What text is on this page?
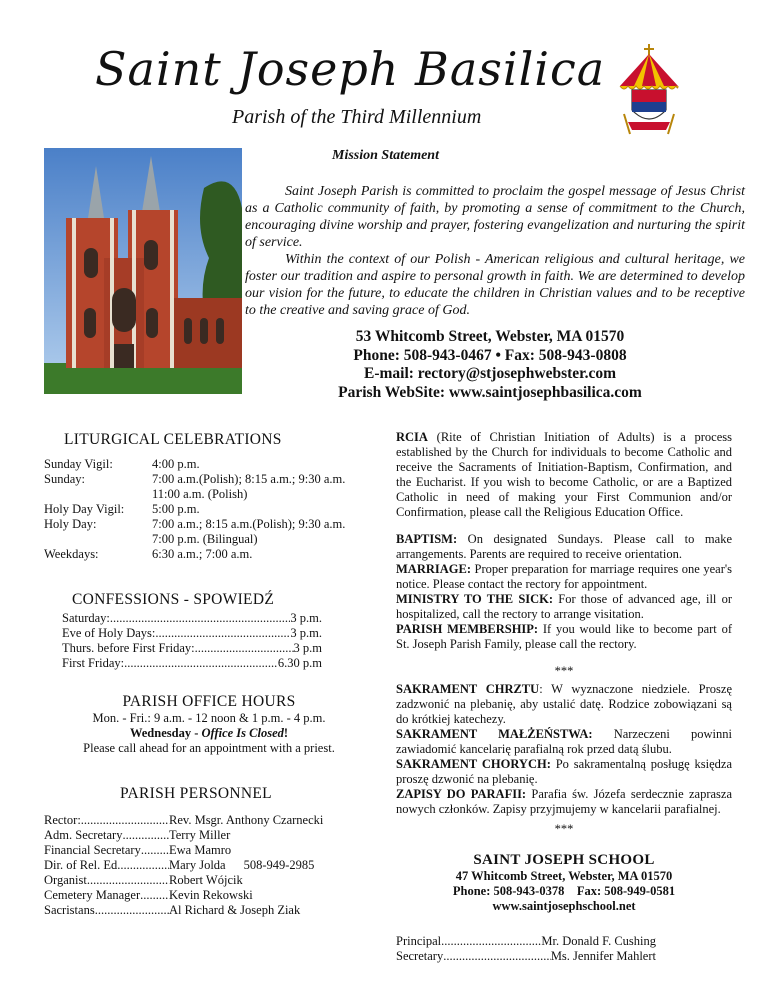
Saint Joseph Basilica
Parish of the Third Millennium
Mission Statement

Saint Joseph Parish is committed to proclaim the gospel message of Jesus Christ as a Catholic community of faith, by promoting a sense of commitment to the Church, encouraging divine worship and prayer, fostering evangelization and nurturing the spirit of service.

Within the context of our Polish - American religious and cultural heritage, we foster our tradition and aspire to personal growth in faith. We are determined to develop our vision for the future, to educate the children in Christian values and to be receptive to the creative and saving grace of God.

53 Whitcomb Street, Webster, MA 01570
Phone: 508-943-0467 • Fax: 508-943-0808
E-mail: rectory@stjosephwebster.com
Parish WebSite: www.saintjosephbasilica.com
LITURGICAL CELEBRATIONS
Sunday Vigil:	4:00 p.m.
Sunday:	7:00 a.m.(Polish); 8:15 a.m.; 9:30 a.m.
11:00 a.m. (Polish)
Holy Day Vigil:	5:00 p.m.
Holy Day:	7:00 a.m.; 8:15 a.m.(Polish); 9:30 a.m.
7:00 p.m. (Bilingual)
Weekdays:	6:30 a.m.; 7:00 a.m.
CONFESSIONS - SPOWIEDŹ
Saturday: .....	3 p.m.
Eve of Holy Days: .....	3 p.m.
Thurs. before First Friday: .....	3 p.m
First Friday: .....	6.30 p.m
PARISH OFFICE HOURS
Mon. - Fri.: 9 a.m. - 12 noon & 1 p.m. - 4 p.m.
Wednesday - Office Is Closed!
Please call ahead for an appointment with a priest.
PARISH PERSONNEL
Rector: .....	Rev. Msgr. Anthony Czarnecki
Adm. Secretary .....	Terry Miller
Financial Secretary ..... Ewa Mamro
Dir. of Rel. Ed. .....	Mary Jolda 508-949-2985
Organist .....	Robert Wójcik
Cemetery Manager ..... Kevin Rekowski
Sacristans .....	Al Richard & Joseph Ziak

RCIA (Rite of Christian Initiation of Adults) is a process established by the Church for individuals to become Catholic and receive the Sacraments of Initiation-Baptism, Confirmation, and the Eucharist. If you wish to become Catholic, or are a Baptized Catholic in need of making your First Communion and/or Confirmation, please call the Religious Education Office.

BAPTISM: On designated Sundays. Please call to make arrangements. Parents are required to receive orientation.

MARRIAGE: Proper preparation for marriage requires one year's notice. Please contact the rectory for appointment.

MINISTRY TO THE SICK: For those of advanced age, ill or hospitalized, call the rectory to arrange visitation.

PARISH MEMBERSHIP: If you would like to become part of St. Joseph Parish Family, please call the rectory.

***

SAKRAMENT CHRZTU: W wyznaczone niedziele. Proszę zadzwonić na plebanię, aby ustalić datę. Rodzice zobowiązani są do krótkiej katechezy.

SAKRAMENT MAŁŻEŃSTWA: Narzeczeni powinni zawiadomić kancelarię parafialną rok przed datą ślubu.

SAKRAMENT CHORYCH: Po sakramentalną posługę księdza proszę dzwonić na plebanię.

ZAPISY DO PARAFII: Parafia św. Józefa serdecznie zaprasza nowych członków. Zapisy przyjmujemy w kancelarii parafialnej.

***
SAINT JOSEPH SCHOOL
47 Whitcomb Street, Webster, MA 01570
Phone: 508-943-0378    Fax: 508-949-0581
www.saintjosephschool.net
Principal .....	Mr. Donald F. Cushing
Secretary .....	Ms. Jennifer Mahlert
